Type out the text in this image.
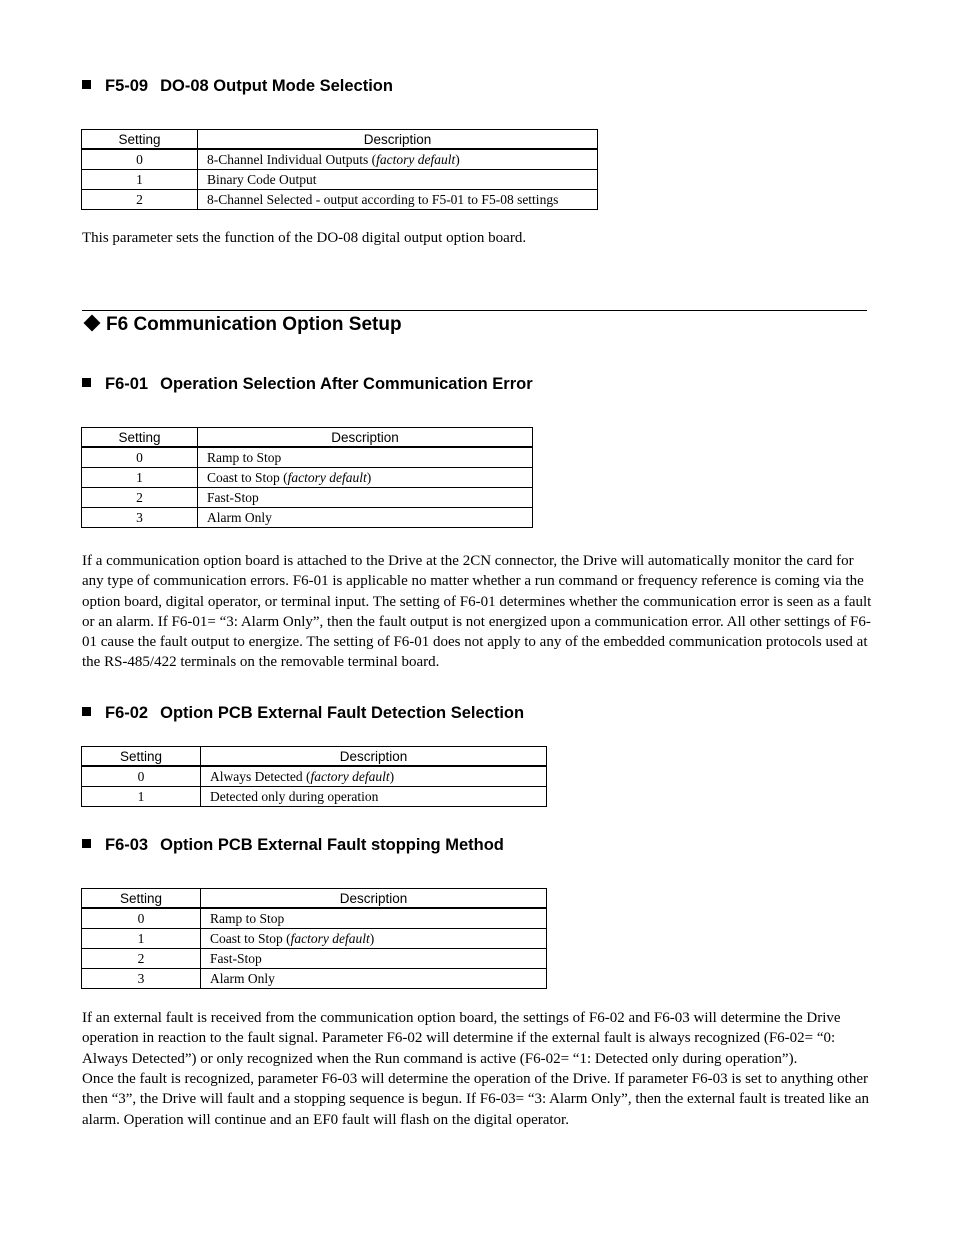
F5-09 DO-08 Output Mode Selection
Setting	Description
0	8-Channel Individual Outputs (factory default)
1	Binary Code Output
2	8-Channel Selected - output according to F5-01 to F5-08 settings

This parameter sets the function of the DO-08 digital output option board.

F6 Communication Option Setup
F6-01 Operation Selection After Communication Error
Setting	Description
0	Ramp to Stop
1	Coast to Stop (factory default)
2	Fast-Stop
3	Alarm Only

If a communication option board is attached to the Drive at the 2CN connector, the Drive will automatically monitor the card for any type of communication errors. F6-01 is applicable no matter whether a run command or frequency reference is coming via the option board, digital operator, or terminal input. The setting of F6-01 determines whether the communication error is seen as a fault or an alarm. If F6-01= “3: Alarm Only”, then the fault output is not energized upon a communication error. All other settings of F6-01 cause the fault output to energize. The setting of F6-01 does not apply to any of the embedded communication protocols used at the RS-485/422 terminals on the removable terminal board.

F6-02 Option PCB External Fault Detection Selection
Setting	Description
0	Always Detected (factory default)
1	Detected only during operation
F6-03 Option PCB External Fault stopping Method
Setting	Description
0	Ramp to Stop
1	Coast to Stop (factory default)
2	Fast-Stop
3	Alarm Only

If an external fault is received from the communication option board, the settings of F6-02 and F6-03 will determine the Drive operation in reaction to the fault signal. Parameter F6-02 will determine if the external fault is always recognized (F6-02= “0: Always Detected”) or only recognized when the Run command is active (F6-02= “1: Detected only during operation”).

Once the fault is recognized, parameter F6-03 will determine the operation of the Drive. If parameter F6-03 is set to anything other then “3”, the Drive will fault and a stopping sequence is begun. If F6-03= “3: Alarm Only”, then the external fault is treated like an alarm. Operation will continue and an EF0 fault will flash on the digital operator.
